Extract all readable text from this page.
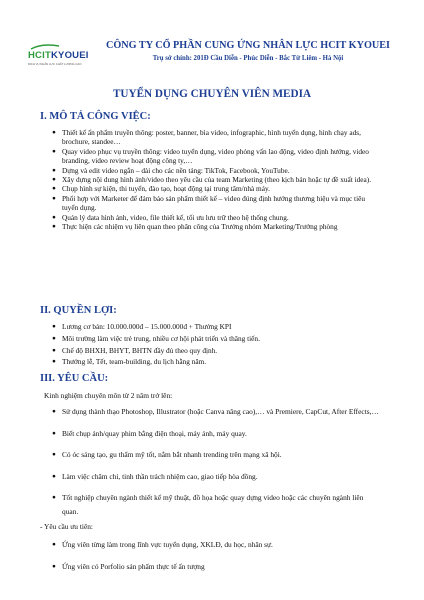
HCITKYOUEI
DỊCH VỤ NHÂN LỰC CHẤT LƯỢNG CAO
CÔNG TY CỔ PHẦN CUNG ỨNG NHÂN LỰC HCIT KYOUEI
Trụ sở chính: 201Đ Cầu Diễn - Phúc Diễn - Bắc Từ Liêm - Hà Nội
TUYỂN DỤNG CHUYÊN VIÊN MEDIA
I. MÔ TẢ CÔNG VIỆC:
● Thiết kế ấn phẩm truyền thông: poster, banner, bìa video, infographic, hình tuyển dụng, hình chạy ads, brochure, standee…
● Quay video phục vụ truyền thông: video tuyển dụng, video phỏng vấn lao động, video định hướng, video branding, video review hoạt động công ty,…
● Dựng và edit video ngắn – dài cho các nền tảng: TikTok, Facebook, YouTube.
● Xây dựng nội dung hình ảnh/video theo yêu cầu của team Marketing (theo kịch bản hoặc tự đề xuất idea).
● Chụp hình sự kiện, thi tuyển, đào tạo, hoạt động tại trung tâm/nhà máy.
● Phối hợp với Marketer để đảm bảo sản phẩm thiết kế – video đúng định hướng thương hiệu và mục tiêu tuyển dụng.
● Quản lý data hình ảnh, video, file thiết kế, tối ưu lưu trữ theo hệ thống chung.
● Thực hiện các nhiệm vụ liên quan theo phân công của Trưởng nhóm Marketing/Trưởng phòng
II. QUYỀN LỢI:
● Lương cơ bản: 10.000.000đ – 15.000.000đ + Thưởng KPI
● Môi trường làm việc trẻ trung, nhiều cơ hội phát triển và thăng tiến.
● Chế độ BHXH, BHYT, BHTN đầy đủ theo quy định.
● Thưởng lễ, Tết, team-building, du lịch hằng năm.
III. YÊU CẦU:
Kinh nghiệm chuyên môn từ 2 năm trở lên:
● Sử dụng thành thạo Photoshop, Illustrator (hoặc Canva nâng cao),… và Premiere, CapCut, After Effects,…
● Biết chụp ảnh/quay phim bằng điện thoại, máy ảnh, máy quay.
● Có óc sáng tạo, gu thẩm mỹ tốt, nắm bắt nhanh trending trên mạng xã hội.
● Làm việc chăm chỉ, tinh thần trách nhiệm cao, giao tiếp hòa đồng.
● Tốt nghiệp chuyên ngành thiết kế mỹ thuật, đồ họa hoặc quay dựng video hoặc các chuyên ngành liên quan.
- Yêu cầu ưu tiên:
● Ứng viên từng làm trong lĩnh vực tuyển dụng, XKLĐ, du học, nhân sự.
● Ứng viên có Porfolio sản phẩm thực tế ấn tượng
